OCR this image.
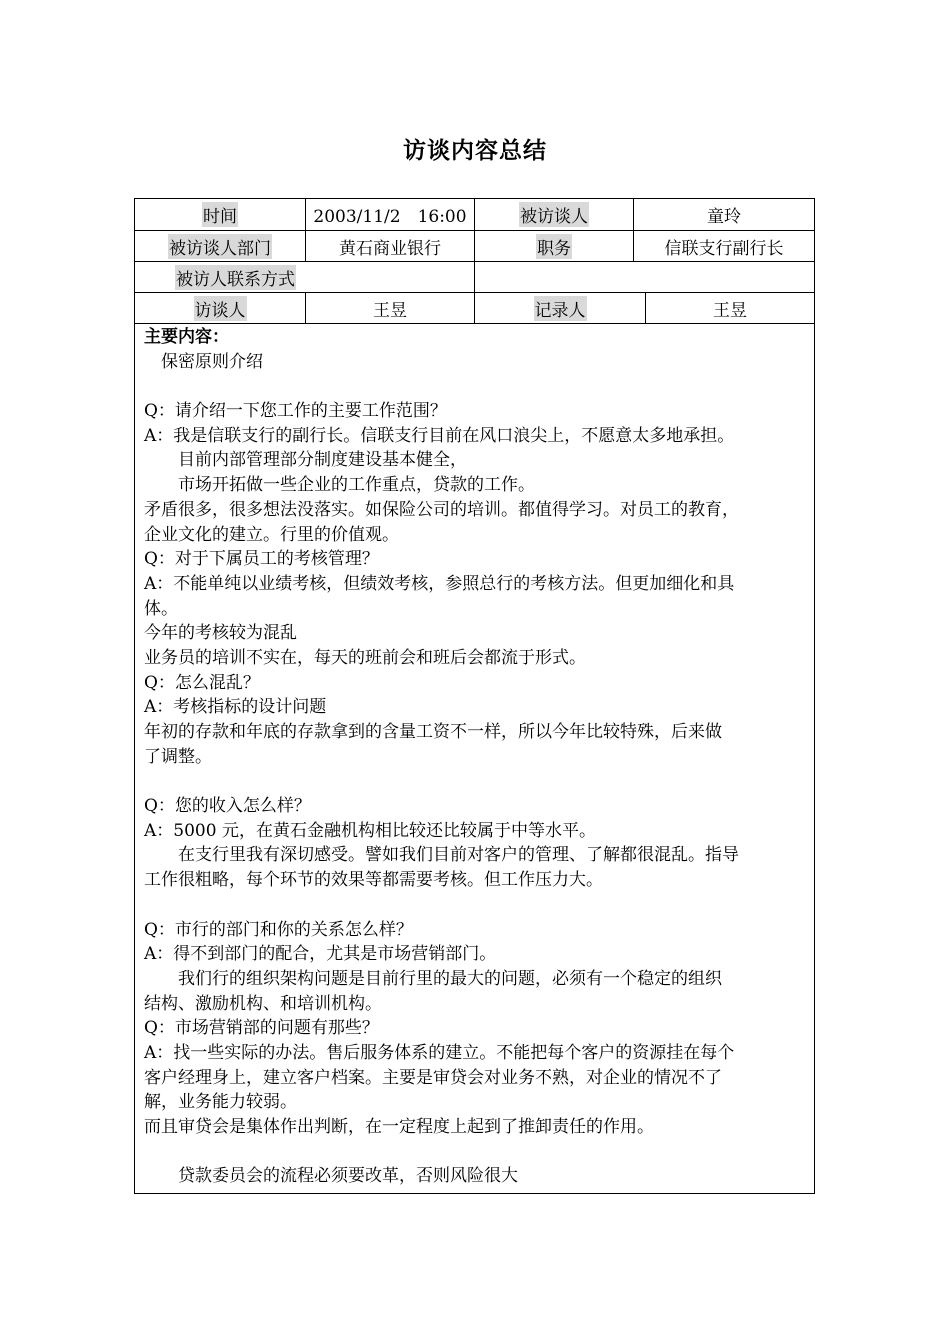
访谈内容总结
时间	2003/11/2　16:00	被访谈人	童玲
被访谈人部门	黄石商业银行	职务	信联支行副行长
被访人联系方式
访谈人	王昱	记录人	王昱
主要内容：
　保密原则介绍
Q：请介绍一下您工作的主要工作范围？
A：我是信联支行的副行长。信联支行目前在风口浪尖上，不愿意太多地承担。
　　目前内部管理部分制度建设基本健全，
　　市场开拓做一些企业的工作重点，贷款的工作。
矛盾很多，很多想法没落实。如保险公司的培训。都值得学习。对员工的教育，
企业文化的建立。行里的价值观。
Q：对于下属员工的考核管理？
A：不能单纯以业绩考核，但绩效考核，参照总行的考核方法。但更加细化和具
体。
今年的考核较为混乱
业务员的培训不实在，每天的班前会和班后会都流于形式。
Q：怎么混乱？
A：考核指标的设计问题
年初的存款和年底的存款拿到的含量工资不一样，所以今年比较特殊，后来做
了调整。
Q：您的收入怎么样？
A：5000 元，在黄石金融机构相比较还比较属于中等水平。
　　在支行里我有深切感受。譬如我们目前对客户的管理、了解都很混乱。指导
工作很粗略，每个环节的效果等都需要考核。但工作压力大。
Q：市行的部门和你的关系怎么样？
A：得不到部门的配合，尤其是市场营销部门。
　　我们行的组织架构问题是目前行里的最大的问题，必须有一个稳定的组织
结构、激励机构、和培训机构。
Q：市场营销部的问题有那些？
A：找一些实际的办法。售后服务体系的建立。不能把每个客户的资源挂在每个
客户经理身上，建立客户档案。主要是审贷会对业务不熟，对企业的情况不了
解，业务能力较弱。
而且审贷会是集体作出判断，在一定程度上起到了推卸责任的作用。
　　贷款委员会的流程必须要改革，否则风险很大
